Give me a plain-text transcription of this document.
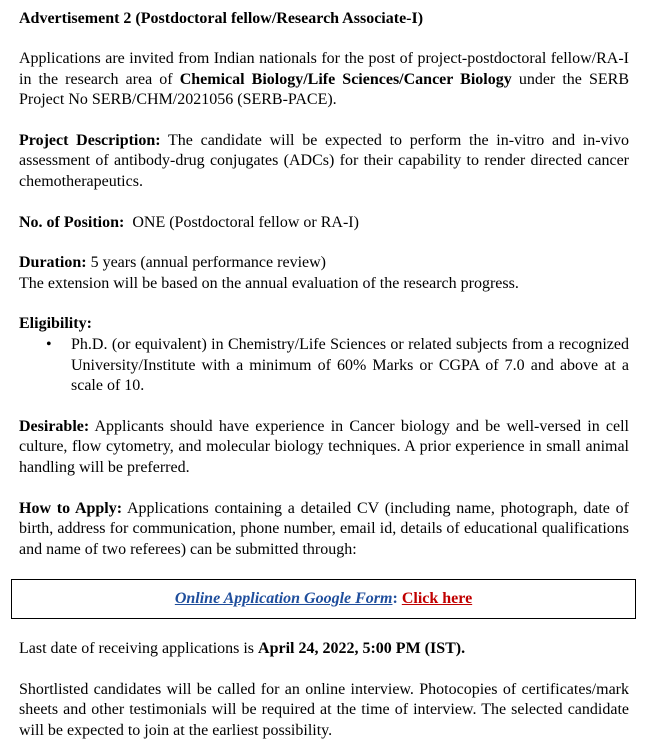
Advertisement 2 (Postdoctoral fellow/Research Associate-I)

Applications are invited from Indian nationals for the post of project-postdoctoral fellow/RA-I in the research area of Chemical Biology/Life Sciences/Cancer Biology under the SERB Project No SERB/CHM/2021056 (SERB-PACE).

Project Description: The candidate will be expected to perform the in-vitro and in-vivo assessment of antibody-drug conjugates (ADCs) for their capability to render directed cancer chemotherapeutics.

No. of Position:  ONE (Postdoctoral fellow or RA-I)

Duration: 5 years (annual performance review)

The extension will be based on the annual evaluation of the research progress.

Eligibility:

• Ph.D. (or equivalent) in Chemistry/Life Sciences or related subjects from a recognized University/Institute with a minimum of 60% Marks or CGPA of 7.0 and above at a scale of 10.

Desirable: Applicants should have experience in Cancer biology and be well-versed in cell culture, flow cytometry, and molecular biology techniques. A prior experience in small animal handling will be preferred.

How to Apply: Applications containing a detailed CV (including name, photograph, date of birth, address for communication, phone number, email id, details of educational qualifications and name of two referees) can be submitted through:

Online Application Google Form : Click here

Last date of receiving applications is April 24, 2022, 5:00 PM (IST).

Shortlisted candidates will be called for an online interview. Photocopies of certificates/mark sheets and other testimonials will be required at the time of interview. The selected candidate will be expected to join at the earliest possibility.
